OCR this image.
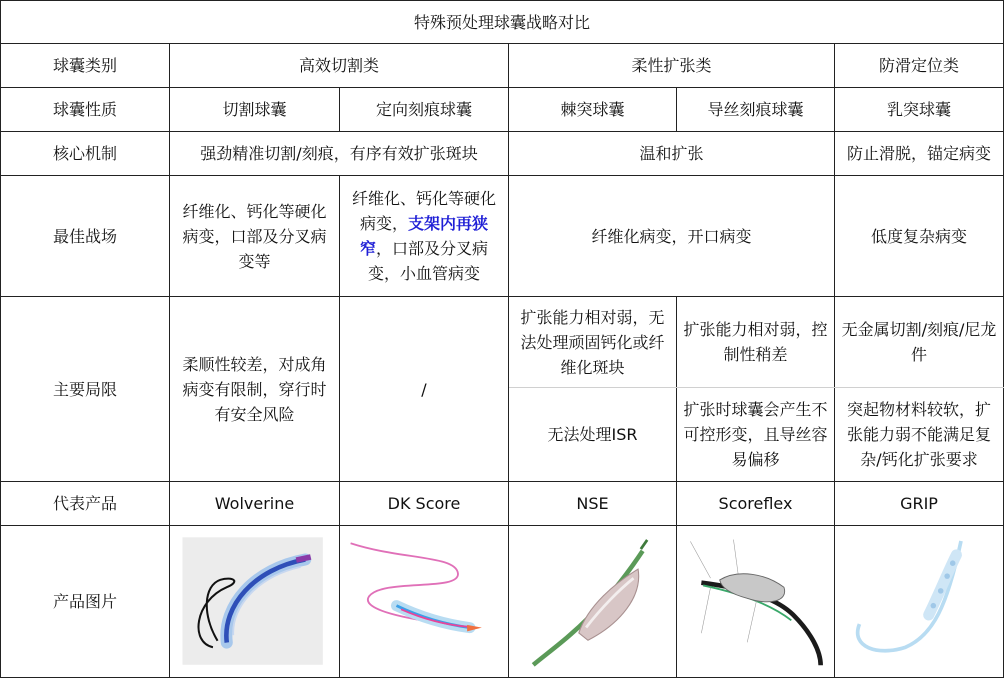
特殊预处理球囊战略对比					
球囊类别	高效切割类		柔性扩张类		防滑定位类
球囊性质	切割球囊	定向刻痕球囊	棘突球囊	导丝刻痕球囊	乳突球囊
核心机制	强劲精准切割/刻痕，有序有效扩张斑块		温和扩张		防止滑脱，锚定病变
最佳战场	纤维化、钙化等硬化病变，口部及分叉病变等	纤维化、钙化等硬化病变，支架内再狭窄，口部及分叉病变，小血管病变	纤维化病变，开口病变		低度复杂病变
主要局限	柔顺性较差，对成角病变有限制，穿行时有安全风险	/	扩张能力相对弱，无法处理顽固钙化或纤维化斑块	扩张能力相对弱，控制性稍差	无金属切割/刻痕/尼龙件
			无法处理ISR	扩张时球囊会产生不可控形变，且导丝容易偏移	突起物材料较软，扩张能力弱不能满足复杂/钙化扩张要求
代表产品	Wolverine	DK Score	NSE	Scoreflex	GRIP
产品图片	
